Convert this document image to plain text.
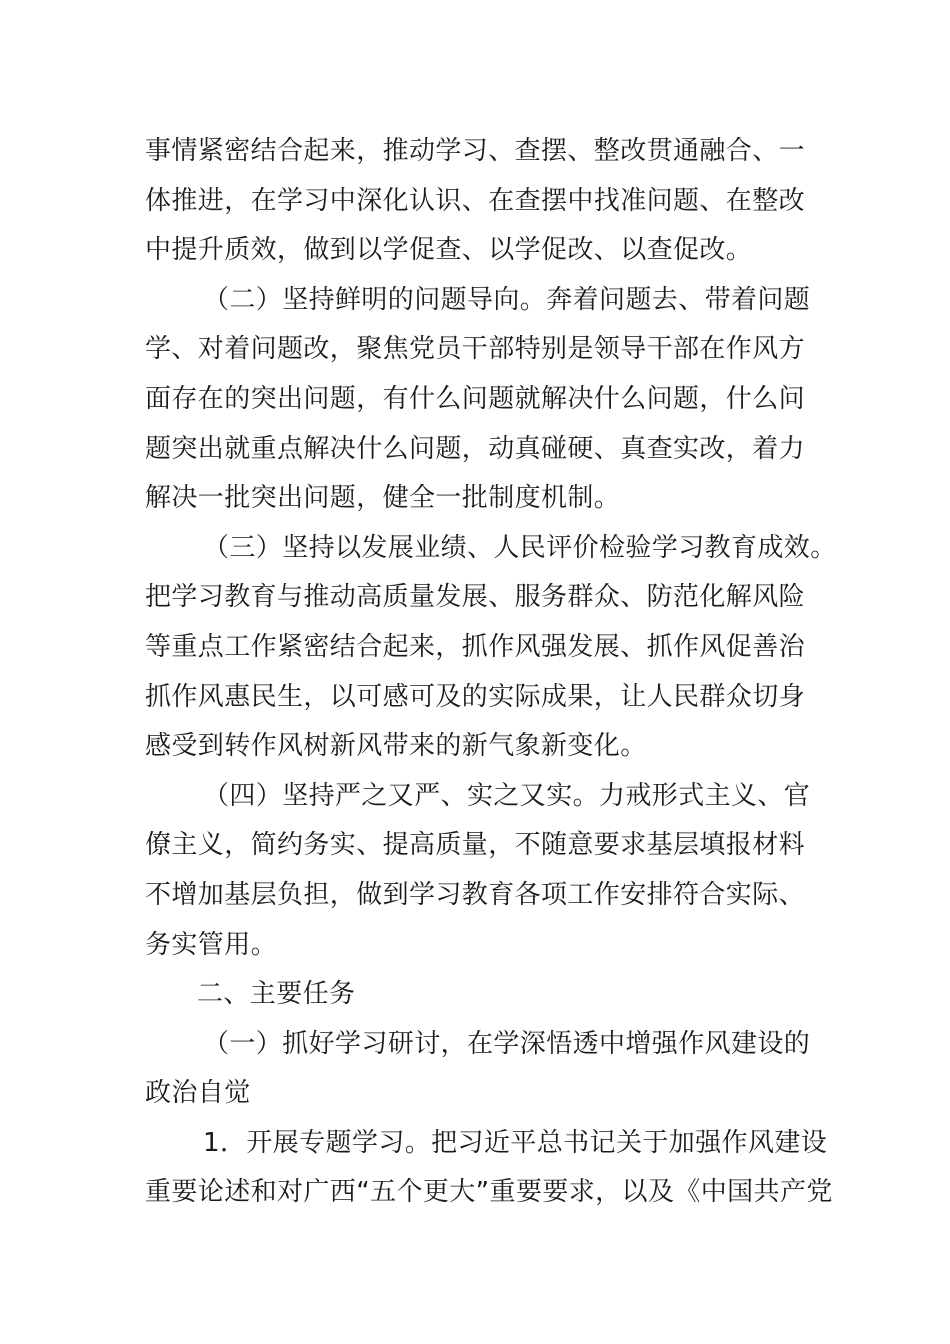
事情紧密结合起来，推动学习、查摆、整改贯通融合、一
体推进，在学习中深化认识、在查摆中找准问题、在整改
中提升质效，做到以学促查、以学促改、以查促改。
（二）坚持鲜明的问题导向。奔着问题去、带着问题
学、对着问题改，聚焦党员干部特别是领导干部在作风方
面存在的突出问题，有什么问题就解决什么问题，什么问
题突出就重点解决什么问题，动真碰硬、真查实改，着力
解决一批突出问题，健全一批制度机制。
（三）坚持以发展业绩、人民评价检验学习教育成效。
把学习教育与推动高质量发展、服务群众、防范化解风险
等重点工作紧密结合起来，抓作风强发展、抓作风促善治
抓作风惠民生，以可感可及的实际成果，让人民群众切身
感受到转作风树新风带来的新气象新变化。
（四）坚持严之又严、实之又实。力戒形式主义、官
僚主义，简约务实、提高质量，不随意要求基层填报材料
不增加基层负担，做到学习教育各项工作安排符合实际、
务实管用。
二、主要任务
（一）抓好学习研讨，在学深悟透中增强作风建设的
政治自觉
1．开展专题学习。把习近平总书记关于加强作风建设
重要论述和对广西“五个更大”重要要求，以及《中国共产党
